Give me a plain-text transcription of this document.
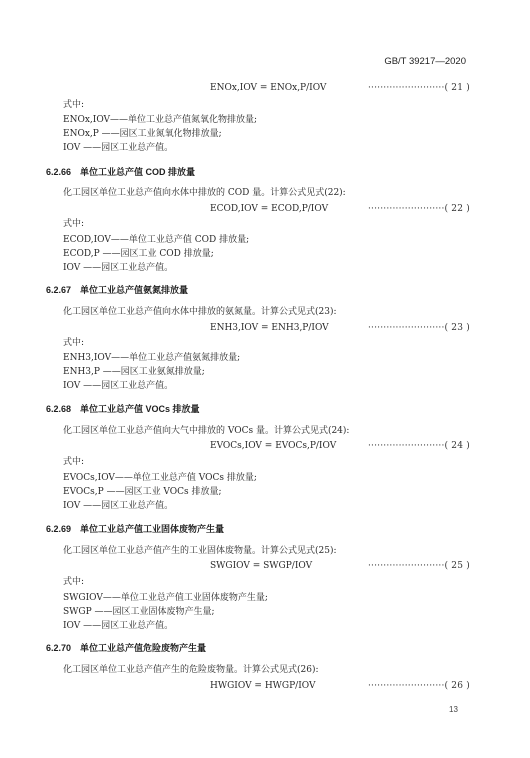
GB/T 39217—2020
ENOx,IOV = ENOx,P/IOV	·························( 21 )
式中:
ENOx,IOV——单位工业总产值氮氧化物排放量;
ENOx,P ——园区工业氮氧化物排放量;
IOV ——园区工业总产值。
6.2.66　单位工业总产值 COD 排放量
化工园区单位工业总产值向水体中排放的 COD 量。计算公式见式(22):
ECOD,IOV = ECOD,P/IOV	·························( 22 )
式中:
ECOD,IOV——单位工业总产值 COD 排放量;
ECOD,P ——园区工业 COD 排放量;
IOV ——园区工业总产值。
6.2.67　单位工业总产值氨氮排放量
化工园区单位工业总产值向水体中排放的氨氮量。计算公式见式(23):
ENH3,IOV = ENH3,P/IOV	·························( 23 )
式中:
ENH3,IOV——单位工业总产值氨氮排放量;
ENH3,P ——园区工业氨氮排放量;
IOV ——园区工业总产值。
6.2.68　单位工业总产值 VOCs 排放量
化工园区单位工业总产值向大气中排放的 VOCs 量。计算公式见式(24):
EVOCs,IOV = EVOCs,P/IOV	·························( 24 )
式中:
EVOCs,IOV——单位工业总产值 VOCs 排放量;
EVOCs,P ——园区工业 VOCs 排放量;
IOV ——园区工业总产值。
6.2.69　单位工业总产值工业固体废物产生量
化工园区单位工业总产值产生的工业固体废物量。计算公式见式(25):
SWGIOV = SWGP/IOV	·························( 25 )
式中:
SWGIOV——单位工业总产值工业固体废物产生量;
SWGP ——园区工业固体废物产生量;
IOV ——园区工业总产值。
6.2.70　单位工业总产值危险废物产生量
化工园区单位工业总产值产生的危险废物量。计算公式见式(26):
HWGIOV = HWGP/IOV	·························( 26 )
13
